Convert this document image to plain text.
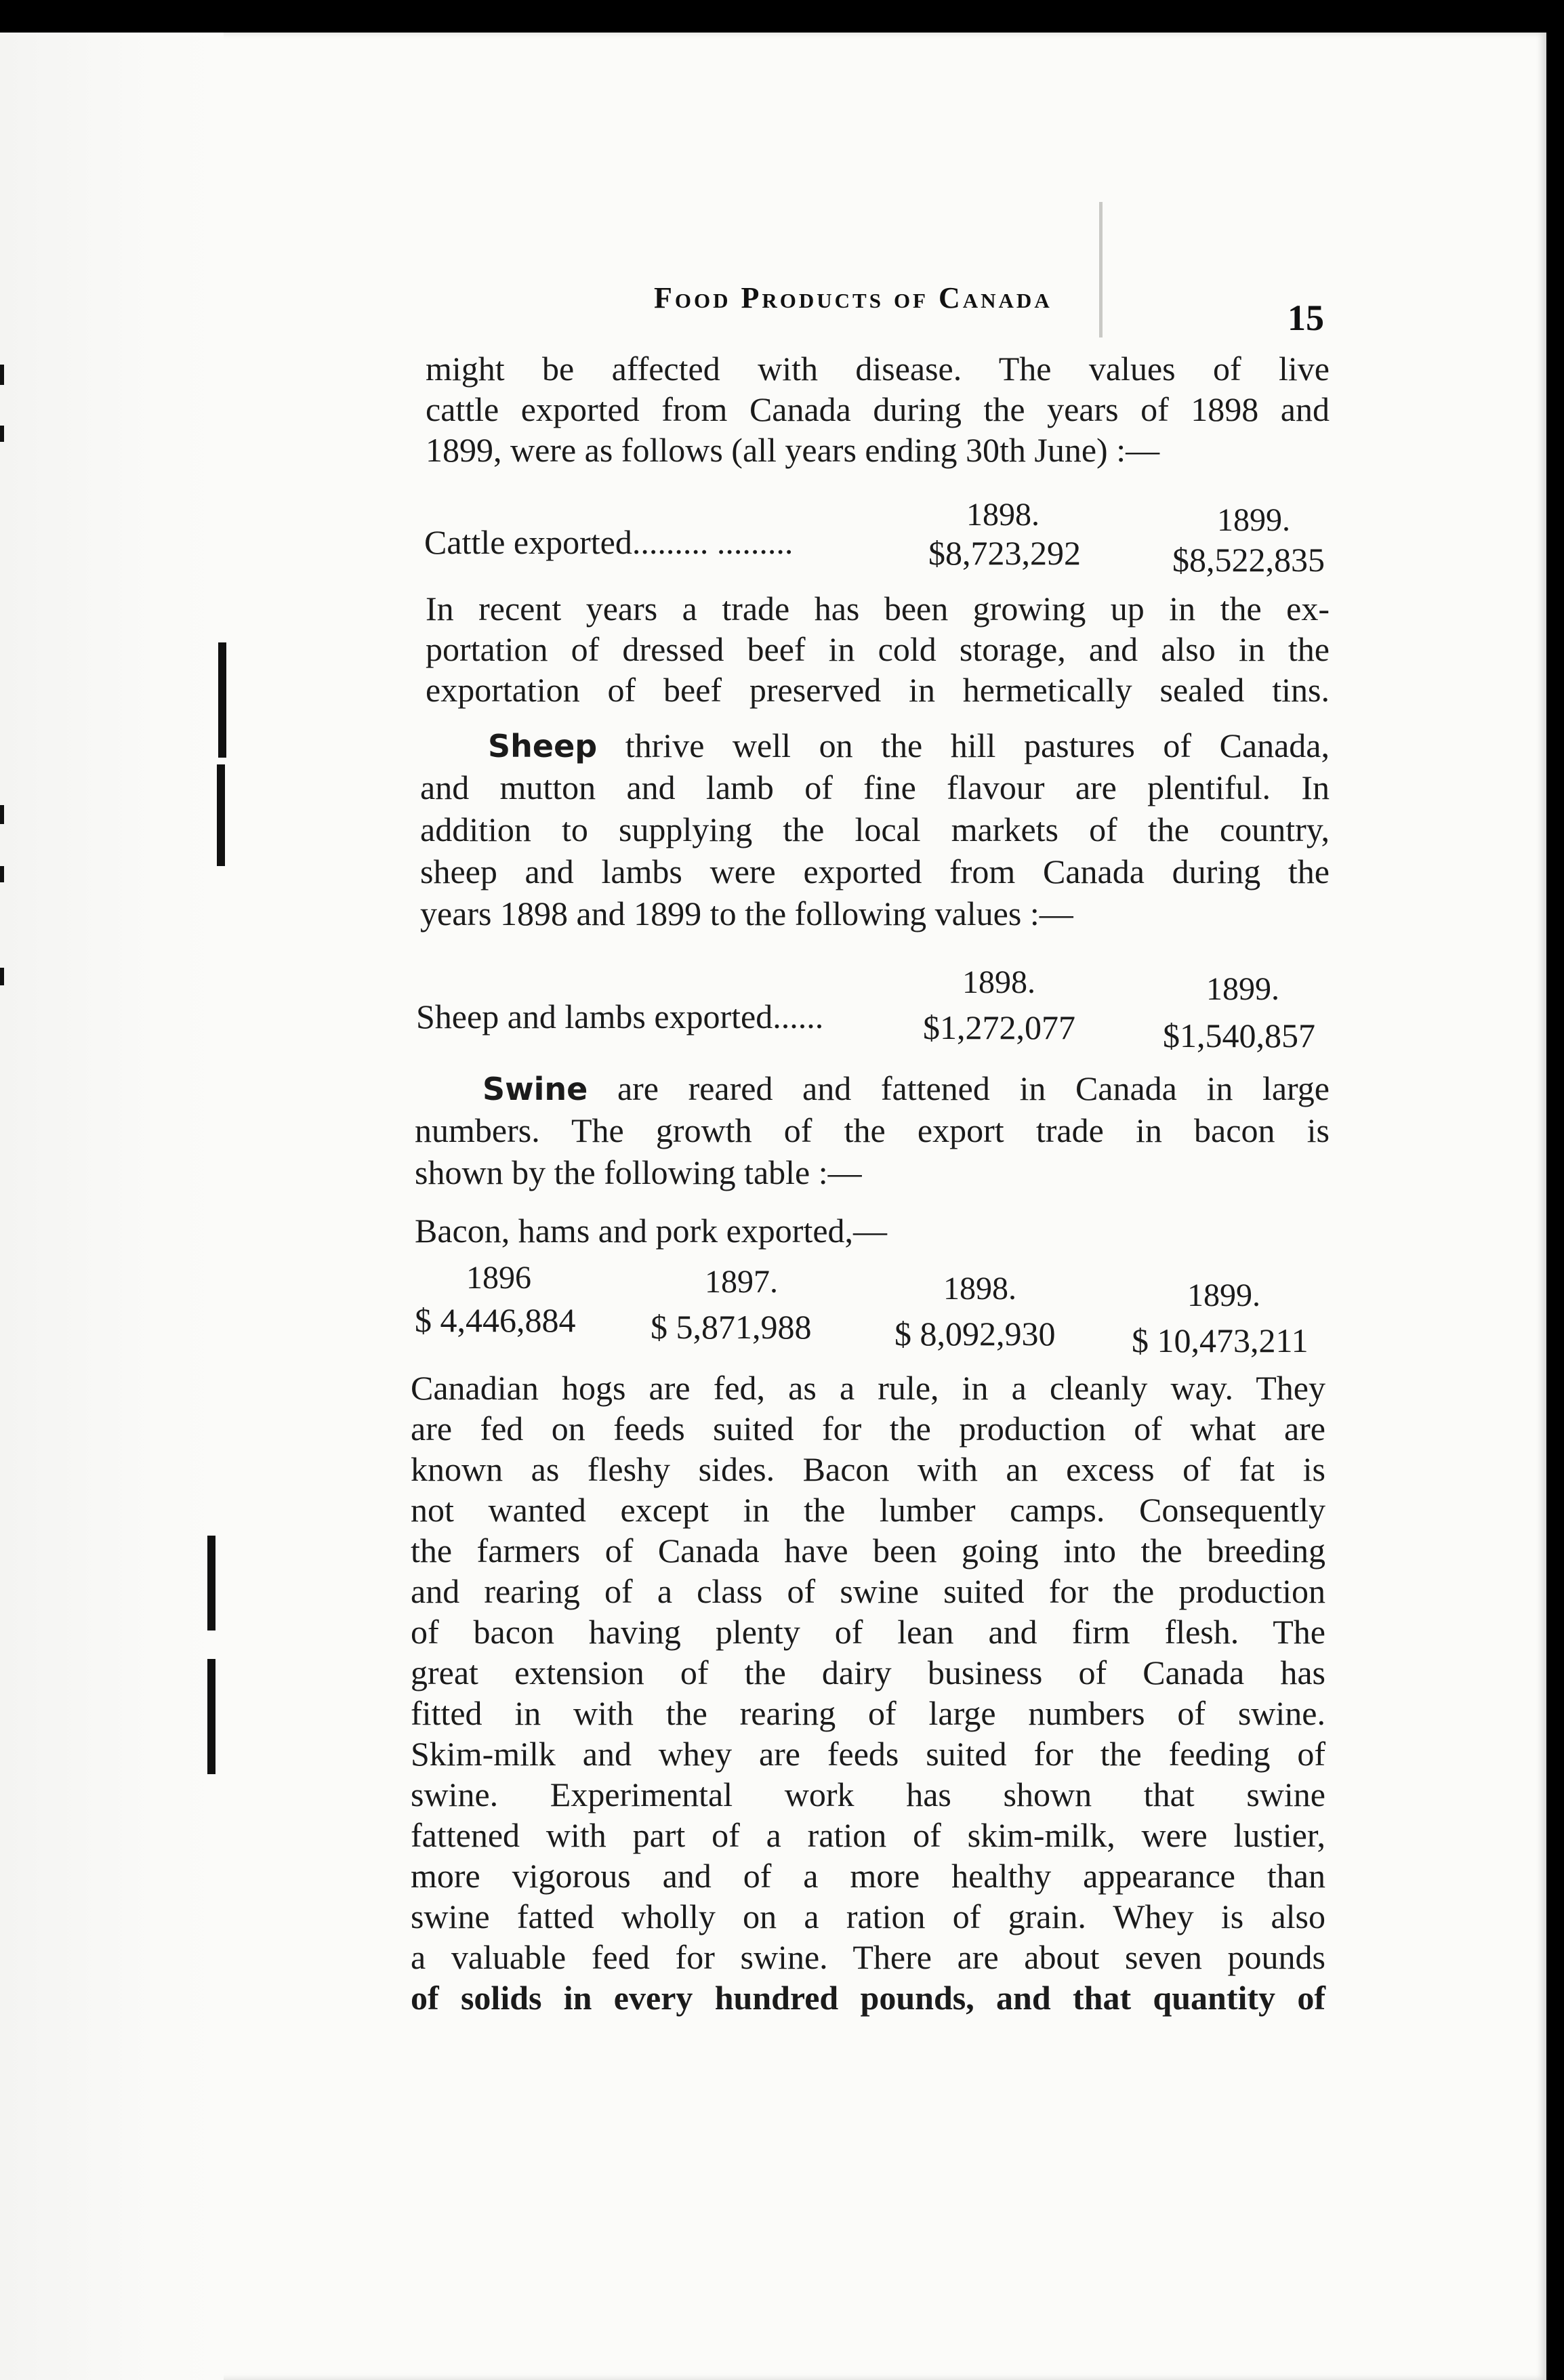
Food Products of Canada	15
might be affected with disease. The values of live
cattle exported from Canada during the years of 1898 and
1899, were as follows (all years ending 30th June) :—
1898.	1899.
Cattle exported......... .........	$8,723,292	$8,522,835
In recent years a trade has been growing up in the ex-
portation of dressed beef in cold storage, and also in the
exportation of beef preserved in hermetically sealed tins.
Sheep thrive well on the hill pastures of Canada,
and mutton and lamb of fine flavour are plentiful. In
addition to supplying the local markets of the country,
sheep and lambs were exported from Canada during the
years 1898 and 1899 to the following values :—
1898.	1899.
Sheep and lambs exported......	$1,272,077	$1,540,857
Swine are reared and fattened in Canada in large
numbers. The growth of the export trade in bacon is
shown by the following table :—
Bacon, hams and pork exported,—
1896	1897.	1898.	1899.
$ 4,446,884 $ 5,871,988 $ 8,092,930 $ 10,473,211
Canadian hogs are fed, as a rule, in a cleanly way. They
are fed on feeds suited for the production of what are
known as fleshy sides. Bacon with an excess of fat is
not wanted except in the lumber camps. Consequently
the farmers of Canada have been going into the breeding
and rearing of a class of swine suited for the production
of bacon having plenty of lean and firm flesh. The
great extension of the dairy business of Canada has
fitted in with the rearing of large numbers of swine.
Skim-milk and whey are feeds suited for the feeding of
swine. Experimental work has shown that swine
fattened with part of a ration of skim-milk, were lustier,
more vigorous and of a more healthy appearance than
swine fatted wholly on a ration of grain. Whey is also
a valuable feed for swine. There are about seven pounds
of solids in every hundred pounds, and that quantity of
